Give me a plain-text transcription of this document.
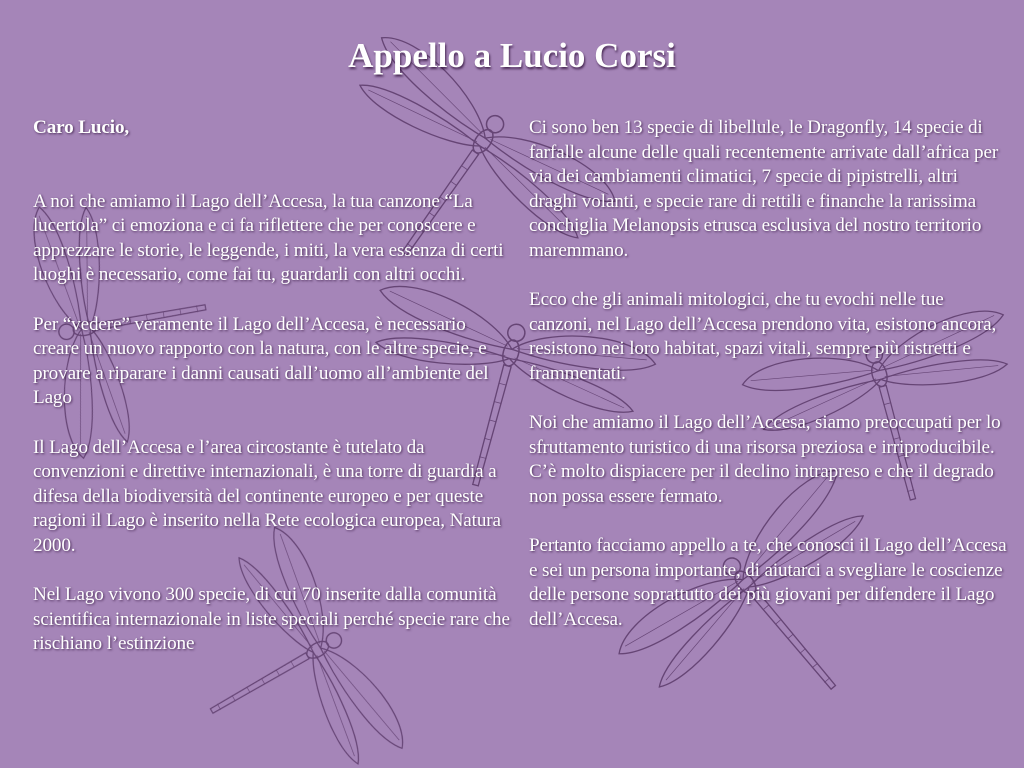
Appello a Lucio Corsi

Caro Lucio,

A noi che amiamo il Lago dell’Accesa, la tua canzone “La lucertola” ci emoziona e ci fa riflettere che per conoscere e apprezzare le storie, le leggende, i miti, la vera essenza di certi luoghi è necessario, come fai tu, guardarli con altri occhi.

Per “vedere” veramente il Lago dell’Accesa, è necessario creare un nuovo rapporto con la natura, con le altre specie, e provare a riparare i danni causati dall’uomo all’ambiente del Lago

Il Lago dell’Accesa e l’area circostante è tutelato da convenzioni e direttive internazionali, è una torre di guardia a difesa della biodiversità del continente europeo e per queste ragioni il Lago è inserito nella Rete ecologica europea, Natura 2000.

Nel Lago vivono 300 specie, di cui 70 inserite dalla comunità scientifica internazionale in liste speciali perché specie rare che rischiano l’estinzione

Ci sono ben 13 specie di libellule, le Dragonfly, 14 specie di farfalle alcune delle quali recentemente arrivate dall’africa per via dei cambiamenti climatici, 7 specie di pipistrelli, altri draghi volanti, e specie rare di rettili e finanche la rarissima conchiglia Melanopsis etrusca esclusiva del nostro territorio maremmano.

Ecco che gli animali mitologici, che tu evochi nelle tue canzoni, nel Lago dell’Accesa prendono vita, esistono ancora, resistono nei loro habitat, spazi vitali, sempre più ristretti e frammentati.

Noi che amiamo il Lago dell’Accesa, siamo preoccupati per lo sfruttamento turistico di una risorsa preziosa e irriproducibile. C’è molto dispiacere per il declino intrapreso e che il degrado non possa essere fermato.

Pertanto facciamo appello a te, che conosci il Lago dell’Accesa e sei un persona importante, di aiutarci a svegliare le coscienze delle persone soprattutto dei più giovani per difendere il Lago dell’Accesa.
